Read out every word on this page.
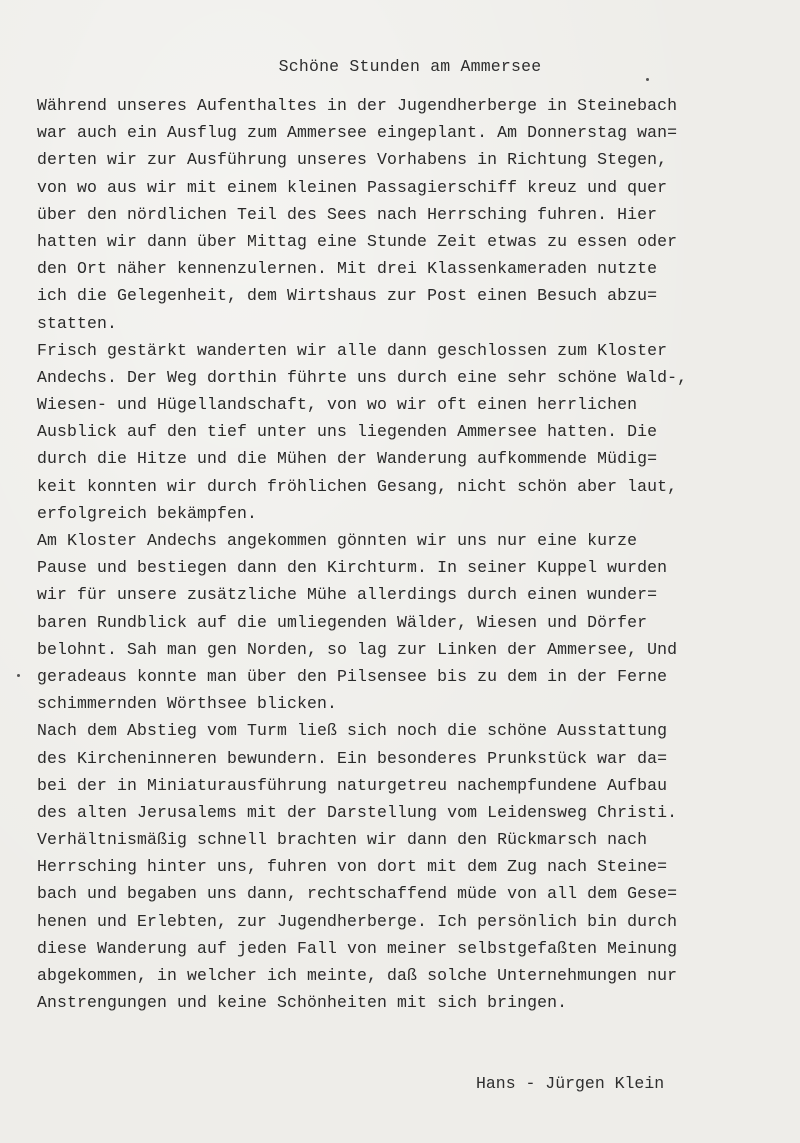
Schöne Stunden am Ammersee
Während unseres Aufenthaltes in der Jugendherberge in Steinebach
war auch ein Ausflug zum Ammersee eingeplant. Am Donnerstag wan=
derten wir zur Ausführung unseres Vorhabens in Richtung Stegen,
von wo aus wir mit einem kleinen Passagierschiff kreuz und quer
über den nördlichen Teil des Sees nach Herrsching fuhren. Hier
hatten wir dann über Mittag eine Stunde Zeit etwas zu essen oder
den Ort näher kennenzulernen. Mit drei Klassenkameraden nutzte
ich die Gelegenheit, dem Wirtshaus zur Post einen Besuch abzu=
statten.
Frisch gestärkt wanderten wir alle dann geschlossen zum Kloster
Andechs. Der Weg dorthin führte uns durch eine sehr schöne Wald-,
Wiesen- und Hügellandschaft, von wo wir oft einen herrlichen
Ausblick auf den tief unter uns liegenden Ammersee hatten. Die
durch die Hitze und die Mühen der Wanderung aufkommende Müdig=
keit konnten wir durch fröhlichen Gesang, nicht schön aber laut,
erfolgreich bekämpfen.
Am Kloster Andechs angekommen gönnten wir uns nur eine kurze
Pause und bestiegen dann den Kirchturm. In seiner Kuppel wurden
wir für unsere zusätzliche Mühe allerdings durch einen wunder=
baren Rundblick auf die umliegenden Wälder, Wiesen und Dörfer
belohnt. Sah man gen Norden, so lag zur Linken der Ammersee, Und
geradeaus konnte man über den Pilsensee bis zu dem in der Ferne
schimmernden Wörthsee blicken.
Nach dem Abstieg vom Turm ließ sich noch die schöne Ausstattung
des Kircheninneren bewundern. Ein besonderes Prunkstück war da=
bei der in Miniaturausführung naturgetreu nachempfundene Aufbau
des alten Jerusalems mit der Darstellung vom Leidensweg Christi.
Verhältnismäßig schnell brachten wir dann den Rückmarsch nach
Herrsching hinter uns, fuhren von dort mit dem Zug nach Steine=
bach und begaben uns dann, rechtschaffend müde von all dem Gese=
henen und Erlebten, zur Jugendherberge. Ich persönlich bin durch
diese Wanderung auf jeden Fall von meiner selbstgefaßten Meinung
abgekommen, in welcher ich meinte, daß solche Unternehmungen nur
Anstrengungen und keine Schönheiten mit sich bringen.
Hans - Jürgen Klein
